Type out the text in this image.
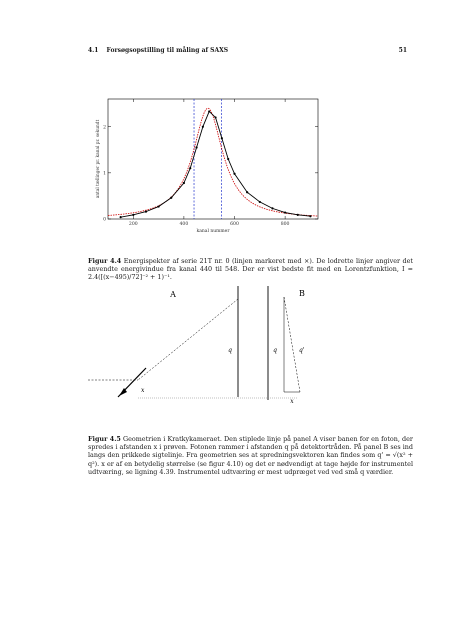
4.1 Forsøgsopstilling til måling af SAXS	51
200	400	600	800
0
1
2
antal tællinger pr. kanal pr. sekundt
kanal nummer
Figur 4.4 Energispekter af serie 21T nr. 0 (linjen markeret med ×). De lodrette linjer angiver det anvendte energivindue fra kanal 440 til 548. Der er vist bedste fit med en Lorentzfunktion, I = 2.4([(x−495)/72]⁻² + 1)⁻¹.
A
q
x
B
q	q'
x
Figur 4.5 Geometrien i Kratkykameraet. Den stiplede linje på panel A viser banen for en foton, der spredes i afstanden x i prøven. Fotonen rammer i afstanden q på detektortråden. På panel B ses ind langs den prikkede sigtelinje. Fra geometrien ses at spredningsvektoren kan findes som q' = √(x² + q²). x er af en betydelig størrelse (se figur 4.10) og det er nødvendigt at tage højde for instrumentel udtværing, se ligning 4.39. Instrumentel udtværing er mest udpræget ved ved små q værdier.
